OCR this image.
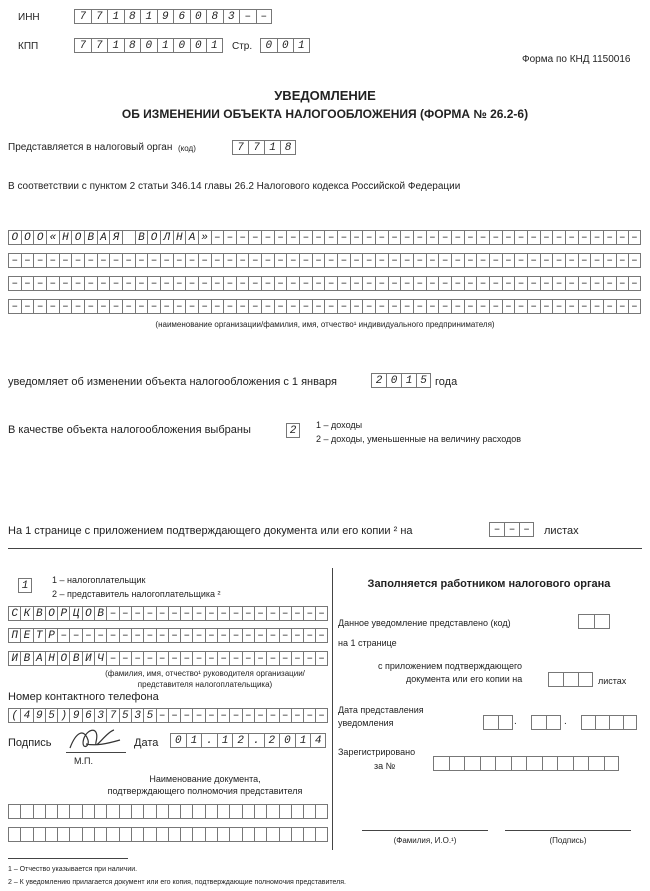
ИНН	7 7 1 8 1 9 6 0 8 3 – –
КПП	7 7 1 8 0 1 0 0 1	Стр.	0 0 1
Форма по КНД 1150016
УВЕДОМЛЕНИЕ
ОБ ИЗМЕНЕНИИ ОБЪЕКТА НАЛОГООБЛОЖЕНИЯ (ФОРМА № 26.2-6)
Представляется в налоговый орган (код)	7 7 1 8
В соответствии с пунктом 2 статьи 346.14 главы 26.2 Налогового кодекса Российской Федерации
О О О « Н О В А Я	В О Л Н А » – – – – – – – – – – – – – – – – – – – – – – – – – – – – – – – – – –
– – – – – – – – – – – – – – – – – – – – – – – – – – – – – – – – – – – – – – – – – – – – – – – – – –
– – – – – – – – – – – – – – – – – – – – – – – – – – – – – – – – – – – – – – – – – – – – – – – – – –
– – – – – – – – – – – – – – – – – – – – – – – – – – – – – – – – – – – – – – – – – – – – – – – – – –
(наименование организации/фамилия, имя, отчество¹ индивидуального предпринимателя)
уведомляет об изменении объекта налогообложения с 1 января	2 0 1 5 года
В качестве объекта налогообложения выбраны	2	1 – доходы
2 – доходы, уменьшенные на величину расходов
На 1 странице с приложением подтверждающего документа или его копии ² на	– – –	листах
1	1 – налогоплательщик
2 – представитель налогоплательщика ²
С К В О Р Ц О В – – – – – – – – – – – – – – – – – –
П Е Т Р – – – – – – – – – – – – – – – – – – – – – –
И В А Н О В И Ч – – – – – – – – – – – – – – – – – –
(фамилия, имя, отчество¹ руководителя организации/
представителя налогоплательщика)
Номер контактного телефона
( 4 9 5 ) 9 6 3 7 5 3 5 – – – – – – – – – – – – – –
Подпись	Дата	0 1 . 1 2 . 2 0 1 4
М.П.
Наименование документа,
подтверждающего полномочия представителя
Заполняется работником налогового органа
Данное уведомление представлено (код)
на 1 странице
с приложением подтверждающего
документа или его копии на	листах
Дата представления
уведомления	.	.
Зарегистрировано
за №
(Фамилия, И.О.¹)	(Подпись)
1 – Отчество указывается при наличии.
2 – К уведомлению прилагается документ или его копия, подтверждающие полномочия представителя.
